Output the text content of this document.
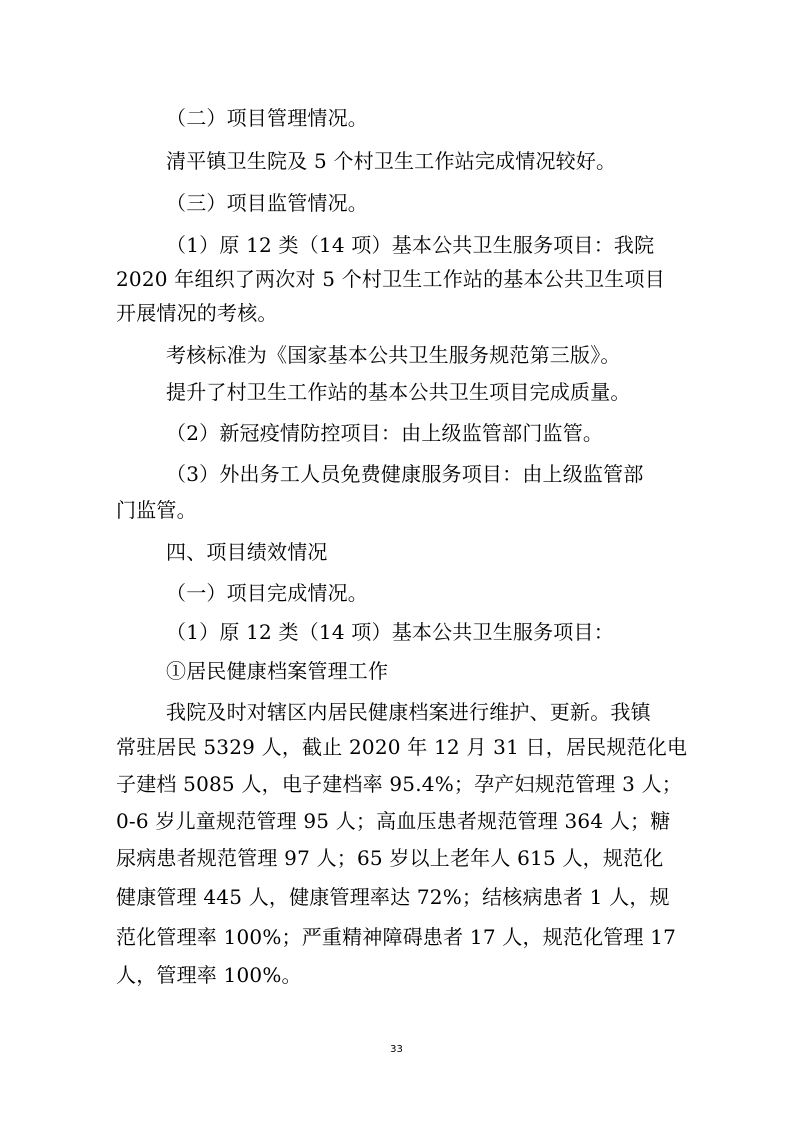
（二）项目管理情况。
清平镇卫生院及 5 个村卫生工作站完成情况较好。
（三）项目监管情况。
（1）原 12 类（14 项）基本公共卫生服务项目：我院
2020 年组织了两次对 5 个村卫生工作站的基本公共卫生项目
开展情况的考核。
考核标准为《国家基本公共卫生服务规范第三版》。
提升了村卫生工作站的基本公共卫生项目完成质量。
（2）新冠疫情防控项目：由上级监管部门监管。
（3）外出务工人员免费健康服务项目：由上级监管部
门监管。
四、项目绩效情况
（一）项目完成情况。
（1）原 12 类（14 项）基本公共卫生服务项目：
①居民健康档案管理工作
我院及时对辖区内居民健康档案进行维护、更新。我镇
常驻居民 5329 人，截止 2020 年 12 月 31 日，居民规范化电
子建档 5085 人，电子建档率 95.4%；孕产妇规范管理 3 人；
0-6 岁儿童规范管理 95 人；高血压患者规范管理 364 人；糖
尿病患者规范管理 97 人；65 岁以上老年人 615 人，规范化
健康管理 445 人，健康管理率达 72%；结核病患者 1 人，规
范化管理率 100%；严重精神障碍患者 17 人，规范化管理 17
人，管理率 100%。
33
